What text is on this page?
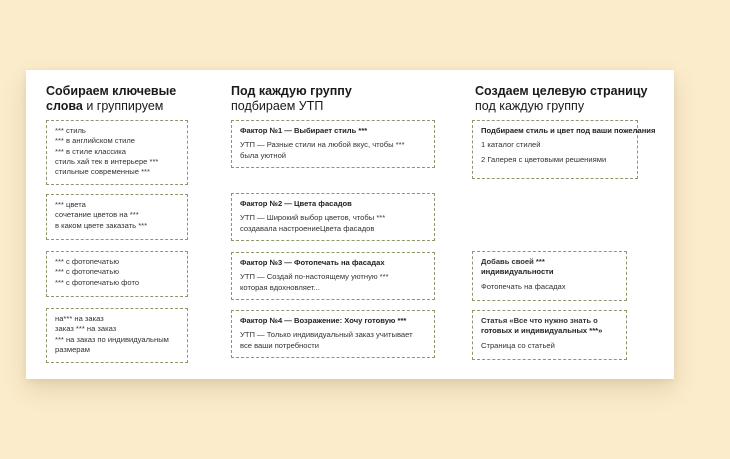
Собираем ключевые
слова и группируем
*** стиль
*** в английском стиле
*** в стиле классика
стиль хай тек в интерьере ***
стильные современные ***
*** цвета
сочетание цветов на ***
в каком цвете заказать ***
*** с фотопечатью
*** с фотопечатью
*** с фотопечатью фото
на*** на заказ
заказ *** на заказ
*** на заказ по индивидуальным
размерам
Под каждую группу
подбираем УТП
Фактор №1 — Выбирает стиль ***
УТП — Разные стили на любой вкус, чтобы ***
была уютной
Фактор №2 — Цвета фасадов
УТП — Широкий выбор цветов, чтобы ***
создавала настроениеЦвета фасадов
Фактор №3 — Фотопечать на фасадах
УТП — Создай по-настоящему уютную ***
которая вдохновляет...
Фактор №4 — Возражение: Хочу готовую ***
УТП — Только индивидуальный заказ учитывает
все ваши потребности
Создаем целевую страницу
под каждую группу
Подбираем стиль и цвет под ваши пожелания
1 каталог стилей
2 Галерея с цветовыми решениями
Добавь своей ***
индивидуальности
Фотопечать на фасадах
Статья «Все что нужно знать о
готовых и индивидуальных ***»
Страница со статьей
